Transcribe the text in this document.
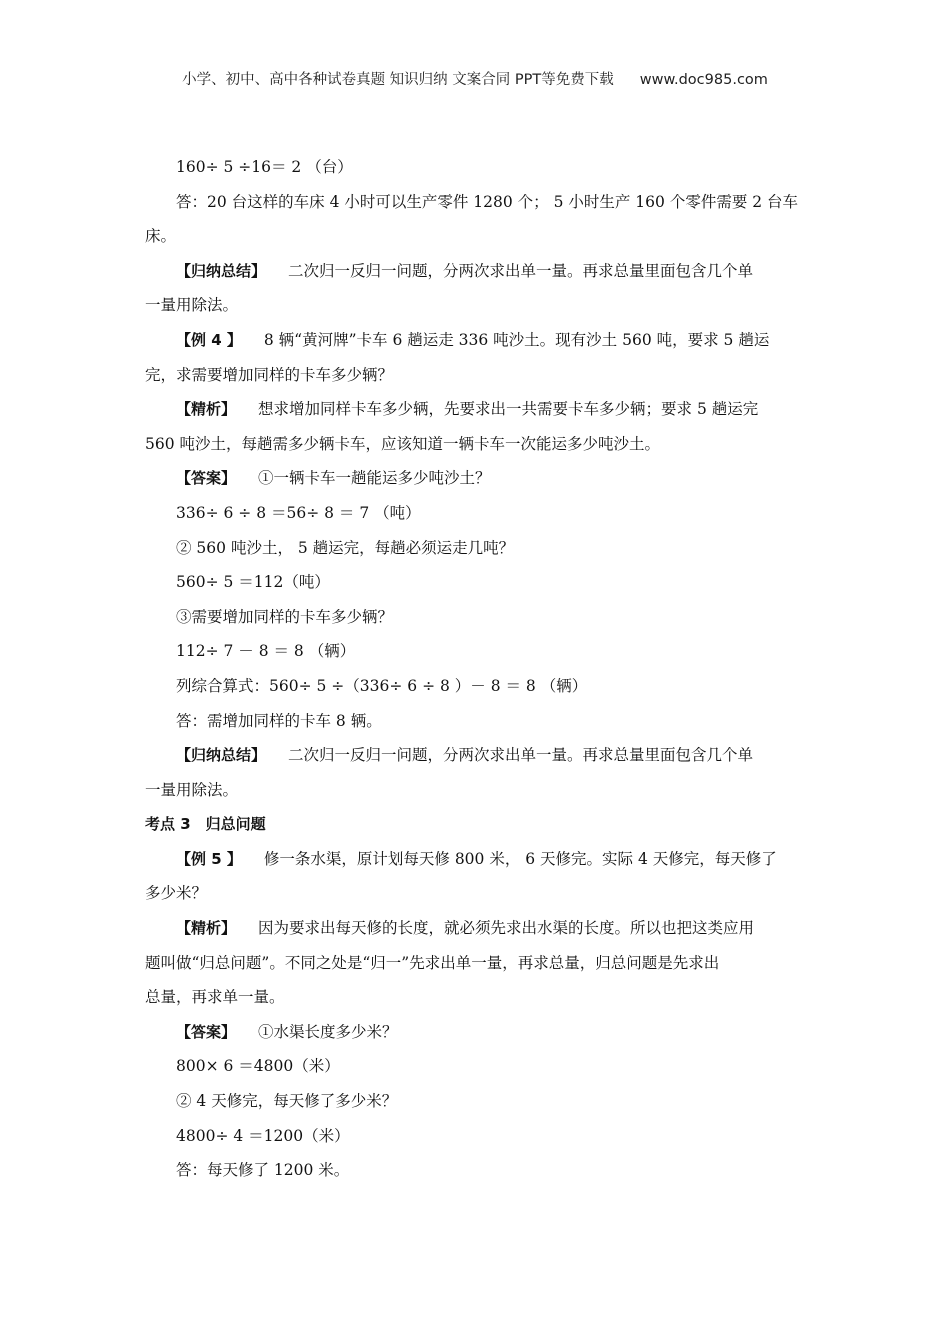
小学、初中、高中各种试卷真题 知识归纳 文案合同 PPT等免费下载 www.doc985.com
160÷ 5 ÷16＝ 2 （台）
答：20 台这样的车床 4 小时可以生产零件 1280 个； 5 小时生产 160 个零件需要 2 台车
床。
【归纳总结】 二次归一反归一问题，分两次求出单一量。再求总量里面包含几个单
一量用除法。
【例 4 】 8 辆“黄河牌”卡车 6 趟运走 336 吨沙土。现有沙土 560 吨，要求 5 趟运
完，求需要增加同样的卡车多少辆？
【精析】 想求增加同样卡车多少辆，先要求出一共需要卡车多少辆；要求 5 趟运完
560 吨沙土，每趟需多少辆卡车，应该知道一辆卡车一次能运多少吨沙土。
【答案】 ①一辆卡车一趟能运多少吨沙土？
336÷ 6 ÷ 8 ＝56÷ 8 ＝ 7 （吨）
② 560 吨沙土， 5 趟运完，每趟必须运走几吨？
560÷ 5 ＝112（吨）
③需要增加同样的卡车多少辆？
112÷ 7 － 8 ＝ 8 （辆）
列综合算式：560÷ 5 ÷（336÷ 6 ÷ 8 ）－ 8 ＝ 8 （辆）
答：需增加同样的卡车 8 辆。
【归纳总结】 二次归一反归一问题，分两次求出单一量。再求总量里面包含几个单
一量用除法。
考点 3　归总问题
【例 5 】 修一条水渠，原计划每天修 800 米， 6 天修完。实际 4 天修完，每天修了
多少米？
【精析】 因为要求出每天修的长度，就必须先求出水渠的长度。所以也把这类应用
题叫做“归总问题”。不同之处是“归一”先求出单一量，再求总量，归总问题是先求出
总量，再求单一量。
【答案】 ①水渠长度多少米？
800× 6 ＝4800（米）
② 4 天修完，每天修了多少米？
4800÷ 4 ＝1200（米）
答：每天修了 1200 米。
